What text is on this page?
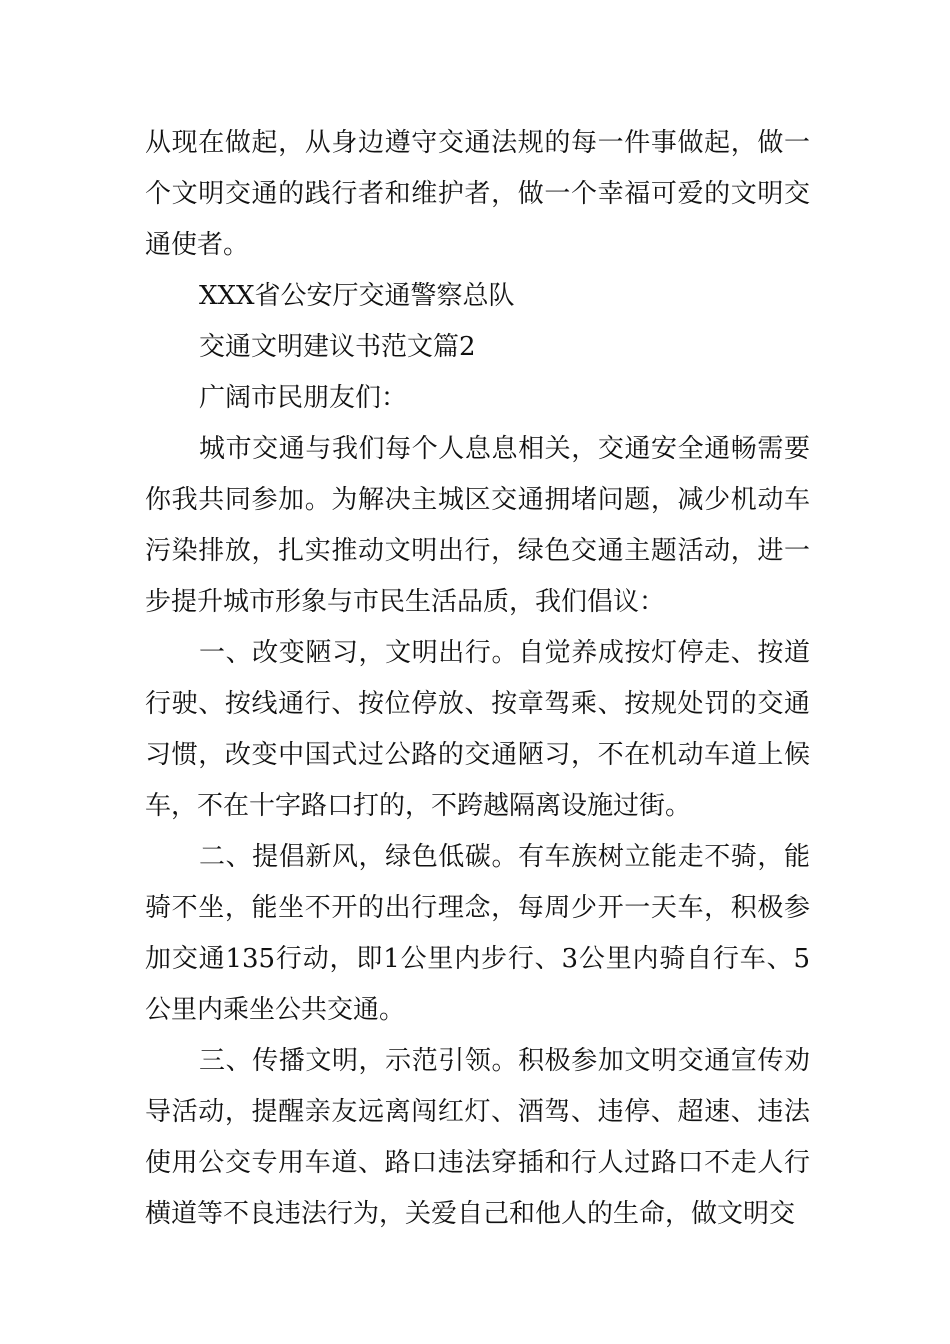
从现在做起，从身边遵守交通法规的每一件事做起，做一个文明交通的践行者和维护者，做一个幸福可爱的文明交通使者。

XXX省公安厅交通警察总队

交通文明建议书范文篇2

广阔市民朋友们：

城市交通与我们每个人息息相关，交通安全通畅需要你我共同参加。为解决主城区交通拥堵问题，减少机动车污染排放，扎实推动文明出行，绿色交通主题活动，进一步提升城市形象与市民生活品质，我们倡议：

一、改变陋习，文明出行。自觉养成按灯停走、按道行驶、按线通行、按位停放、按章驾乘、按规处罚的交通习惯，改变中国式过公路的交通陋习，不在机动车道上候车，不在十字路口打的，不跨越隔离设施过街。

二、提倡新风，绿色低碳。有车族树立能走不骑，能骑不坐，能坐不开的出行理念，每周少开一天车，积极参加交通135行动，即1公里内步行、3公里内骑自行车、5公里内乘坐公共交通。

三、传播文明，示范引领。积极参加文明交通宣传劝导活动，提醒亲友远离闯红灯、酒驾、违停、超速、违法使用公交专用车道、路口违法穿插和行人过路口不走人行横道等不良违法行为，关爱自己和他人的生命，做文明交
